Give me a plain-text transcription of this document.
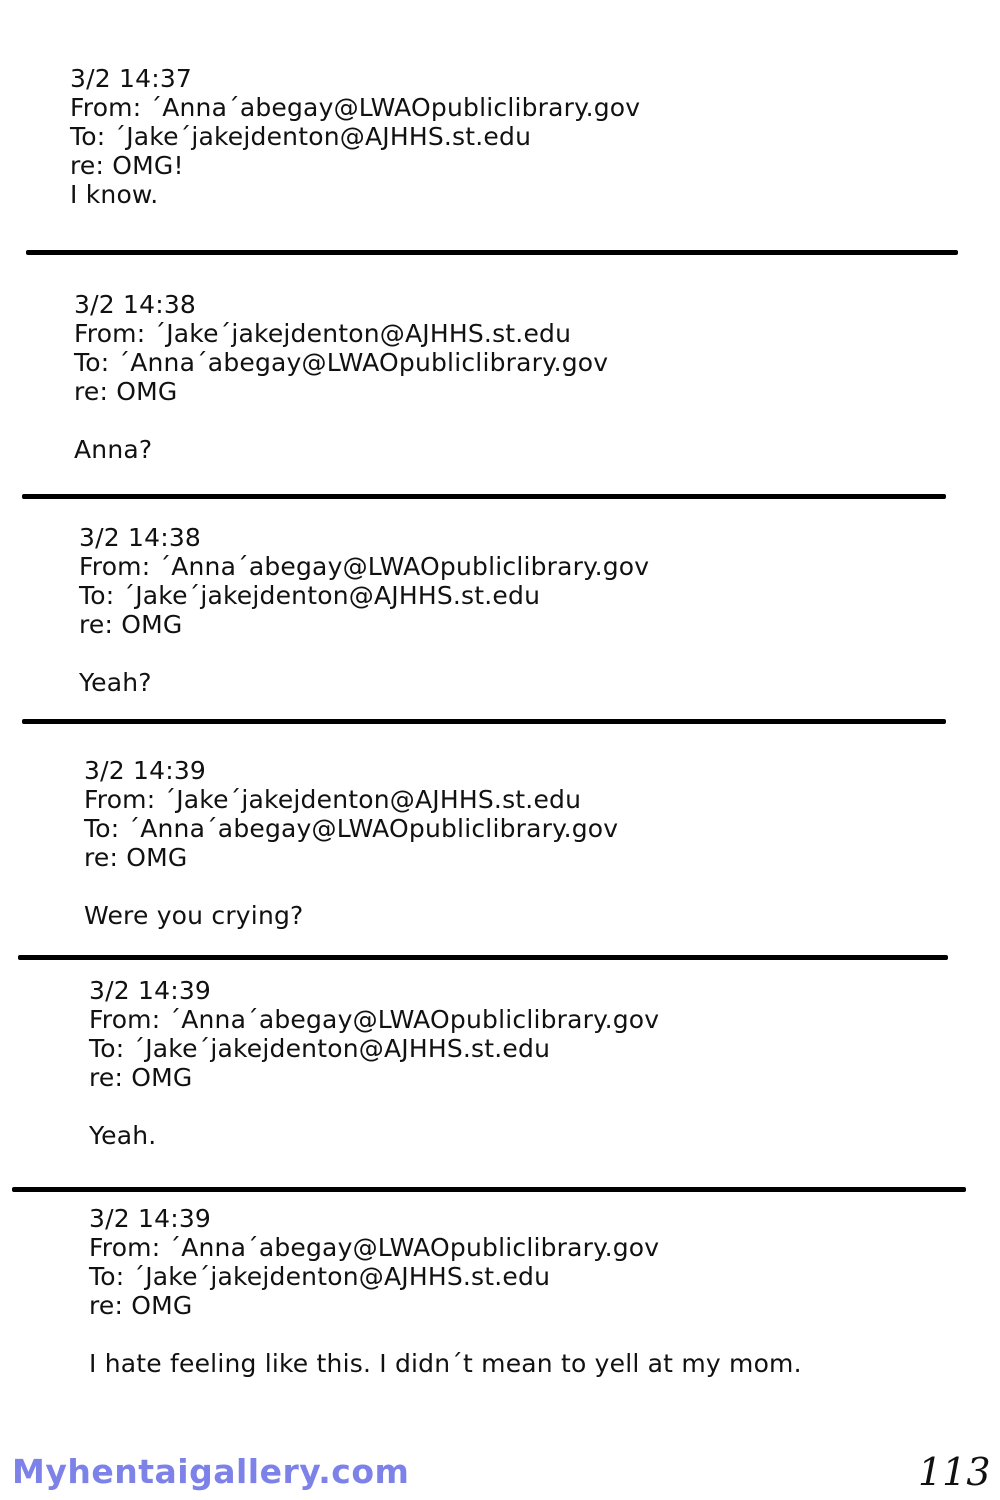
3/2 14:37
From: ´Anna´abegay@LWAOpubliclibrary.gov
To: ´Jake´jakejdenton@AJHHS.st.edu
re: OMG!
I know.
3/2 14:38
From: ´Jake´jakejdenton@AJHHS.st.edu
To: ´Anna´abegay@LWAOpubliclibrary.gov
re: OMG
Anna?
3/2 14:38
From: ´Anna´abegay@LWAOpubliclibrary.gov
To: ´Jake´jakejdenton@AJHHS.st.edu
re: OMG
Yeah?
3/2 14:39
From: ´Jake´jakejdenton@AJHHS.st.edu
To: ´Anna´abegay@LWAOpubliclibrary.gov
re: OMG
Were you crying?
3/2 14:39
From: ´Anna´abegay@LWAOpubliclibrary.gov
To: ´Jake´jakejdenton@AJHHS.st.edu
re: OMG
Yeah.
3/2 14:39
From: ´Anna´abegay@LWAOpubliclibrary.gov
To: ´Jake´jakejdenton@AJHHS.st.edu
re: OMG
I hate feeling like this. I didn´t mean to yell at my mom.
Myhentaigallery.com	113
